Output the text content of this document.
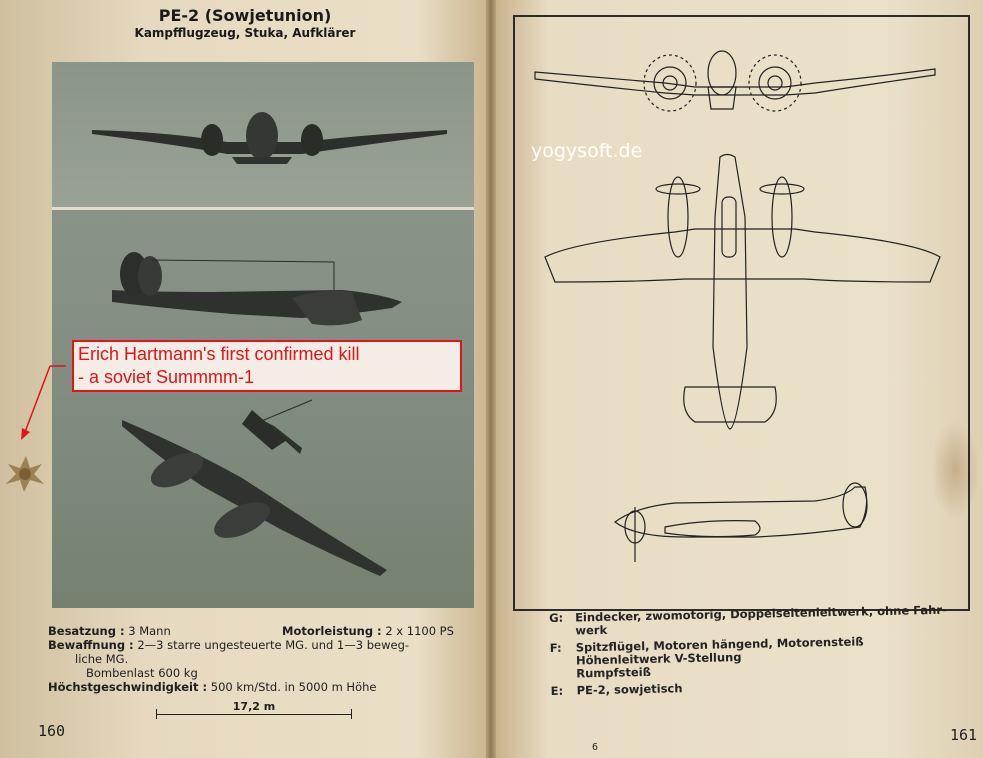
PE-2 (Sowjetunion)
Kampfflugzeug, Stuka, Aufklärer
Erich Hartmann's first confirmed kill
- a soviet Summmm-1
Besatzung : 3 Mann	Motorleistung : 2 x 1100 PS
Bewaffnung : 2—3 starre ungesteuerte MG. und 1—3 beweg-
liche MG.
Bombenlast 600 kg
Höchstgeschwindigkeit : 500 km/Std. in 5000 m Höhe
17,2 m
160
yogysoft.de
G: Eindecker, zwomotorig, Doppelseitenleitwerk, ohne Fahr-
werk
F: Spitzflügel, Motoren hängend, Motorensteiß
Höhenleitwerk V-Stellung
Rumpfsteiß
E: PE-2, sowjetisch
6
161
